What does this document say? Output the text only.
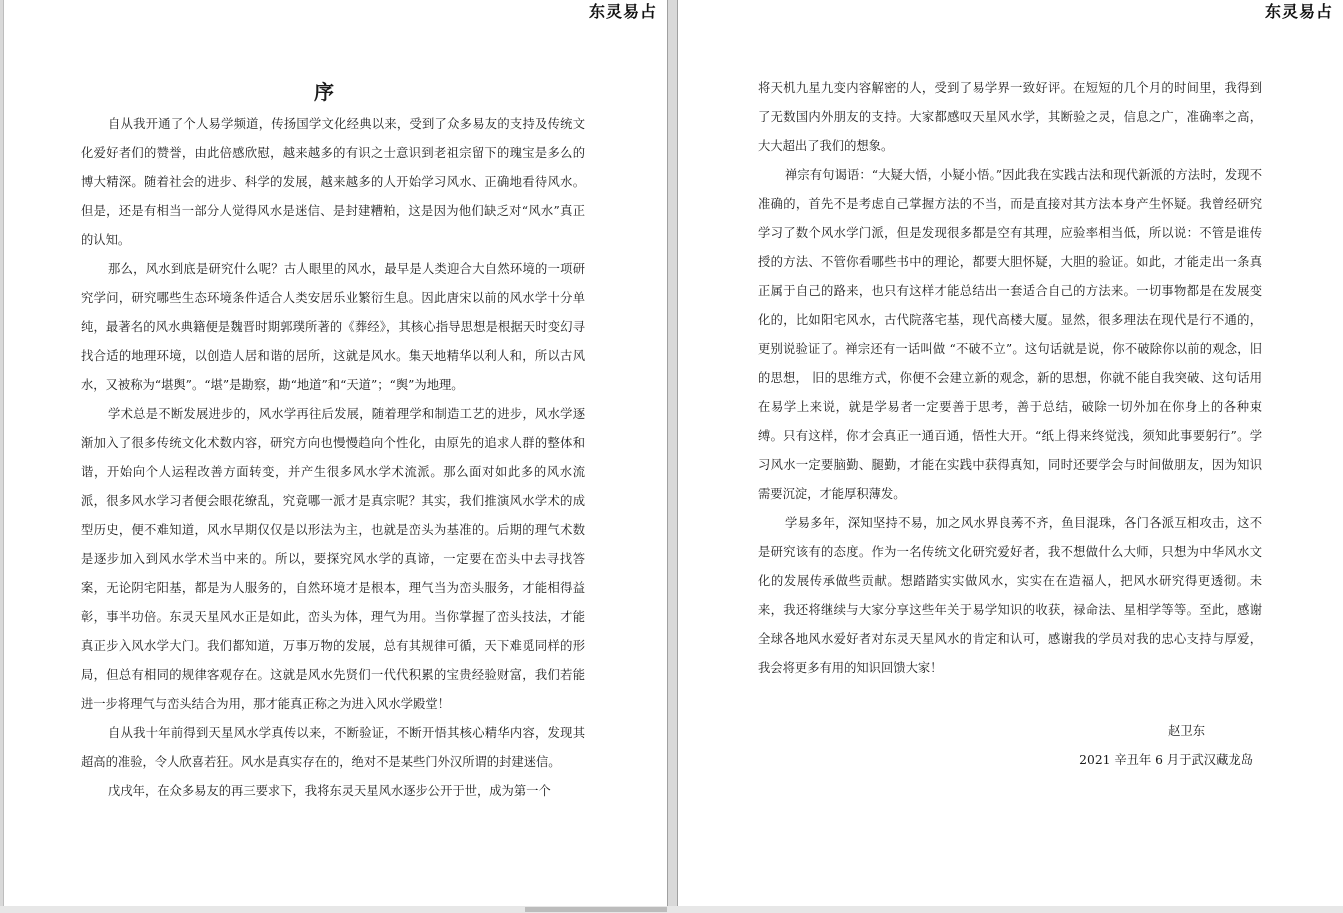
东灵易占
序

自从我开通了个人易学频道，传扬国学文化经典以来，受到了众多易友的支持及传统文化爱好者们的赞誉，由此倍感欣慰，越来越多的有识之士意识到老祖宗留下的瑰宝是多么的博大精深。随着社会的进步、科学的发展，越来越多的人开始学习风水、正确地看待风水。但是，还是有相当一部分人觉得风水是迷信、是封建糟粕，这是因为他们缺乏对“风水”真正的认知。

那么，风水到底是研究什么呢？古人眼里的风水，最早是人类迎合大自然环境的一项研究学问，研究哪些生态环境条件适合人类安居乐业繁衍生息。因此唐宋以前的风水学十分单纯，最著名的风水典籍便是魏晋时期郭璞所著的《葬经》，其核心指导思想是根据天时变幻寻找合适的地理环境，以创造人居和谐的居所，这就是风水。集天地精华以利人和，所以古风水，又被称为“堪舆”。“堪”是勘察，勘“地道”和“天道”；“舆”为地理。

学术总是不断发展进步的，风水学再往后发展，随着理学和制造工艺的进步，风水学逐渐加入了很多传统文化术数内容，研究方向也慢慢趋向个性化，由原先的追求人群的整体和谐，开始向个人运程改善方面转变，并产生很多风水学术流派。那么面对如此多的风水流派，很多风水学习者便会眼花缭乱，究竟哪一派才是真宗呢？其实，我们推演风水学术的成型历史，便不难知道，风水早期仅仅是以形法为主，也就是峦头为基准的。后期的理气术数是逐步加入到风水学术当中来的。所以，要探究风水学的真谛，一定要在峦头中去寻找答案，无论阴宅阳基，都是为人服务的，自然环境才是根本，理气当为峦头服务，才能相得益彰，事半功倍。东灵天星风水正是如此，峦头为体，理气为用。当你掌握了峦头技法，才能真正步入风水学大门。我们都知道，万事万物的发展，总有其规律可循，天下难觅同样的形局，但总有相同的规律客观存在。这就是风水先贤们一代代积累的宝贵经验财富，我们若能进一步将理气与峦头结合为用，那才能真正称之为进入风水学殿堂！

自从我十年前得到天星风水学真传以来，不断验证，不断开悟其核心精华内容，发现其超高的准验，令人欣喜若狂。风水是真实存在的，绝对不是某些门外汉所谓的封建迷信。

戊戌年，在众多易友的再三要求下，我将东灵天星风水逐步公开于世，成为第一个

东灵易占

将天机九星九变内容解密的人，受到了易学界一致好评。在短短的几个月的时间里，我得到了无数国内外朋友的支持。大家都感叹天星风水学，其断验之灵，信息之广，准确率之高，大大超出了我们的想象。

禅宗有句谒语：“大疑大悟，小疑小悟。”因此我在实践古法和现代新派的方法时，发现不准确的，首先不是考虑自己掌握方法的不当，而是直接对其方法本身产生怀疑。我曾经研究学习了数个风水学门派，但是发现很多都是空有其理，应验率相当低，所以说：不管是谁传授的方法、不管你看哪些书中的理论，都要大胆怀疑，大胆的验证。如此，才能走出一条真正属于自己的路来，也只有这样才能总结出一套适合自己的方法来。一切事物都是在发展变化的，比如阳宅风水，古代院落宅基，现代高楼大厦。显然，很多理法在现代是行不通的，更别说验证了。禅宗还有一话叫做 “不破不立”。这句话就是说，你不破除你以前的观念，旧的思想， 旧的思维方式，你便不会建立新的观念，新的思想，你就不能自我突破、这句话用在易学上来说，就是学易者一定要善于思考，善于总结，破除一切外加在你身上的各种束缚。只有这样，你才会真正一通百通，悟性大开。“纸上得来终觉浅，须知此事要躬行”。学习风水一定要脑勤、腿勤，才能在实践中获得真知，同时还要学会与时间做朋友，因为知识需要沉淀，才能厚积薄发。

学易多年，深知坚持不易，加之风水界良莠不齐，鱼目混珠，各门各派互相攻击，这不是研究该有的态度。作为一名传统文化研究爱好者，我不想做什么大师，只想为中华风水文化的发展传承做些贡献。想踏踏实实做风水，实实在在造福人，把风水研究得更透彻。未来，我还将继续与大家分享这些年关于易学知识的收获，禄命法、星相学等等。至此，感谢全球各地风水爱好者对东灵天星风水的肯定和认可，感谢我的学员对我的忠心支持与厚爱，我会将更多有用的知识回馈大家！

赵卫东
2021 辛丑年 6 月于武汉藏龙岛
